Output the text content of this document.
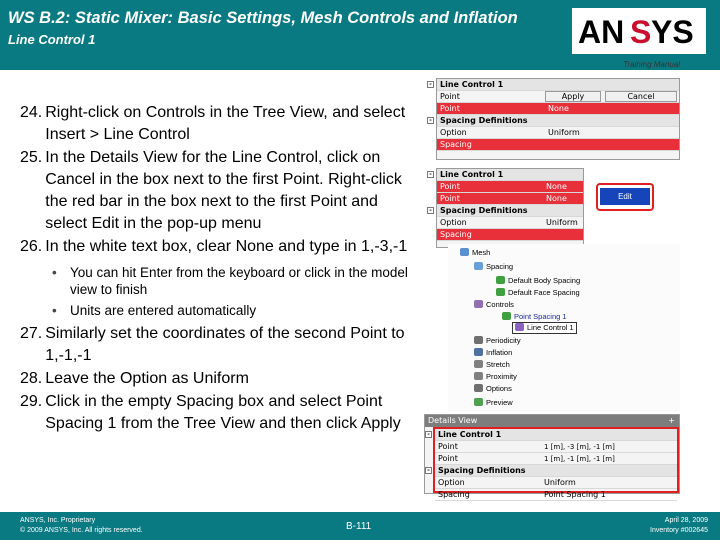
WS B.2: Static Mixer: Basic Settings, Mesh Controls and Inflation
Line Control 1	AN S YS
Training Manual
24. Right-click on Controls in the Tree View, and select Insert > Line Control
25. In the Details View for the Line Control, click on Cancel in the box next to the first Point. Right-click the red bar in the box next to the first Point and select Edit in the pop-up menu
26. In the white text box, clear None and type in 1,-3,-1
• You can hit Enter from the keyboard or click in the model view to finish
• Units are entered automatically
27. Similarly set the coordinates of the second Point to 1,-1,-1
28. Leave the Option as Uniform
29. Click in the empty Spacing box and select Point Spacing 1 from the Tree View and then click Apply
-	Line Control 1
Point	Apply	Cancel
Point	None
-	Spacing Definitions
Option	Uniform
Spacing
-	Line Control 1
Point	None
Point	None
-	Spacing Definitions
Option	Uniform
Spacing
Edit
Mesh
Spacing
Default Body Spacing
Default Face Spacing
Point Spacing 1
Line Control 1
Controls
Periodicity
Inflation
Stretch
Proximity
Options
Preview
Details View	+
-	Line Control 1
Point	1 [m], -3 [m], -1 [m]
Point	1 [m], -1 [m], -1 [m]
-	Spacing Definitions
Option	Uniform
Spacing	Point Spacing 1
ANSYS, Inc. Proprietary
© 2009 ANSYS, Inc. All rights reserved.	B-111
April 28, 2009
Inventory #002645
